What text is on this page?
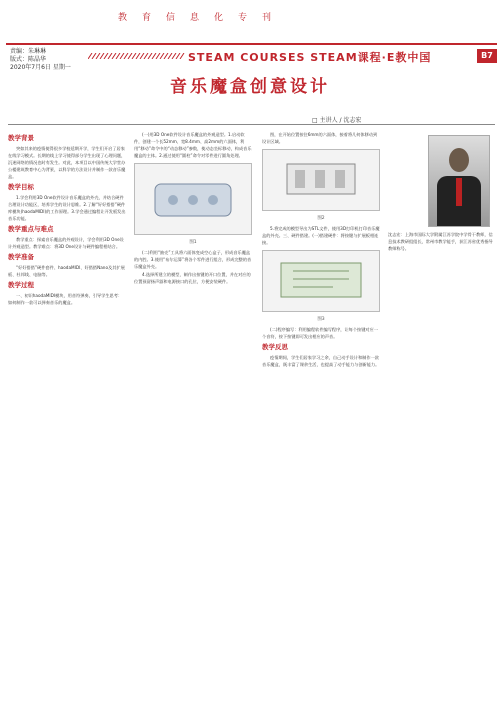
教育信息化专刊
责编：朱琳琳
版式：陈晶华
2020年7月6日 星期一
STEAM COURSES STEAM课程·E教中国	B7
音乐魔盒创意设计
□ 主讲人 / 沈志宏
教学背景

突如其来的疫情使得很多学校延期开学，学生们开启了居家在线学习模式。长期的线上学习使得部分学生出现了心理问题，沉迷网络的情况也时有发生。对此，本项目以中国传统大学堂办公楼建筑教育中心为背景，以科学的方法设计并制作一款音乐魔盒。

教学目标

1.学会利用3D One软件设计音乐魔盒的外壳，并结合硬件合理设计功能区，培养学生的设计思维。2.了解“好好搭搭”硬件库模块(haodaMIDI)的工作原理。3.学会通过编程让开发板发出音乐功能。

教学重点与难点

教学重点：探索音乐魔盒的外观设计，学会利用3D One设计外观造型。教学难点：将3D One设计与硬件编程相结合。

教学准备

“好好搭搭”硬件套件、haodaMIDI、好搭搭Nano及其扩展板、杜邦线、电脑等。

教学过程

一、初识haodaMIDI模块，用音符弹奏，引导学生思考：如何制作一款可以弹奏音乐的魔盒。

(一)用3D One软件设计音乐魔盒的外观造型。1.启动软件，创建一个长52mm、宽8.4mm、高2mm的六面体，利用“移动”命令中的“动态移动”参数，使动态坐标移动，构成音乐魔盒的主体。2.通过使用“圆柱”命令对零件进行圆角处理。

图1

(二)利用“抽壳”工具将六面体变成空心盒子，形成音乐魔盒的内腔。3.使用“布尔运算”将各个零件进行组合，形成完整的音乐魔盒外壳。

4.选择所建立的模型，制作出按键的开口位置，并在对应的位置预留扬声器和电源接口的孔位，方便安装硬件。

图，在开始位置按住6mm的六面体，接着将几何体移动到设计区域。

图2

5.将完成的模型导出为STL文件，使用3D打印机打印音乐魔盒的外壳。三、硬件搭建。(一)搭建硬件：将按键与扩展板相连接。

图3

(二)程序编写：利用编程软件编写程序，让每个按键对应一个音符，按下按键即可发出相应的声音。

教学反思

疫情期间，学生们居家学习之余，自己动手设计和制作一款音乐魔盒，既丰富了课余生活，也提高了动手能力与创新能力。

沈志宏：上海市国际大学附属江苏学院中学骨干教师，信息技术教研组组长，常州市教学能手，获江苏省优秀指导教师称号。
